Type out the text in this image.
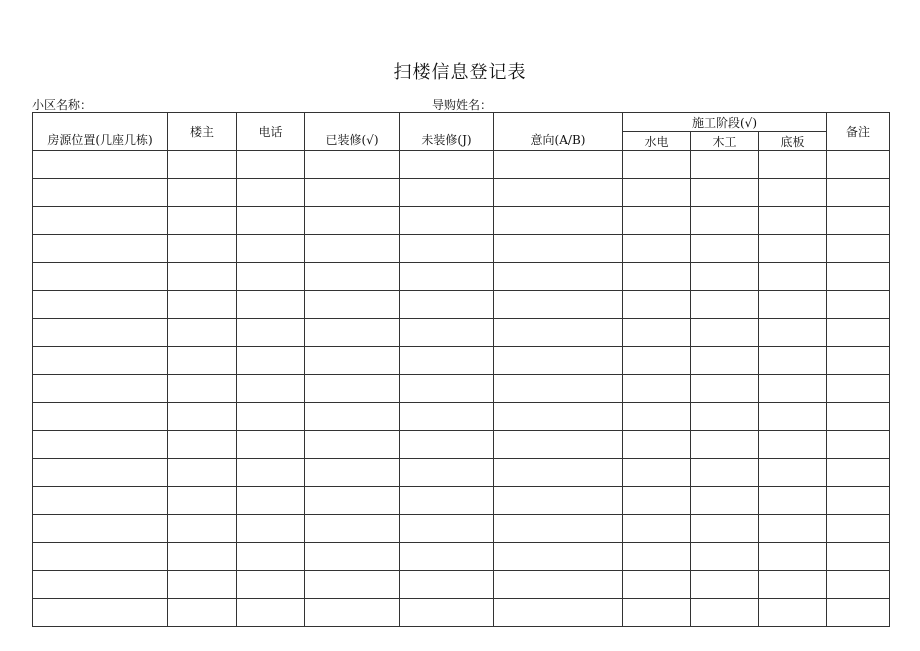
扫楼信息登记表
小区名称：	导购姓名：
房源位置(几座几栋)	楼主	电话	已装修(√)	未装修(J)	意向(A/B)	施工阶段(√)			备注
						水电	木工	底板	
